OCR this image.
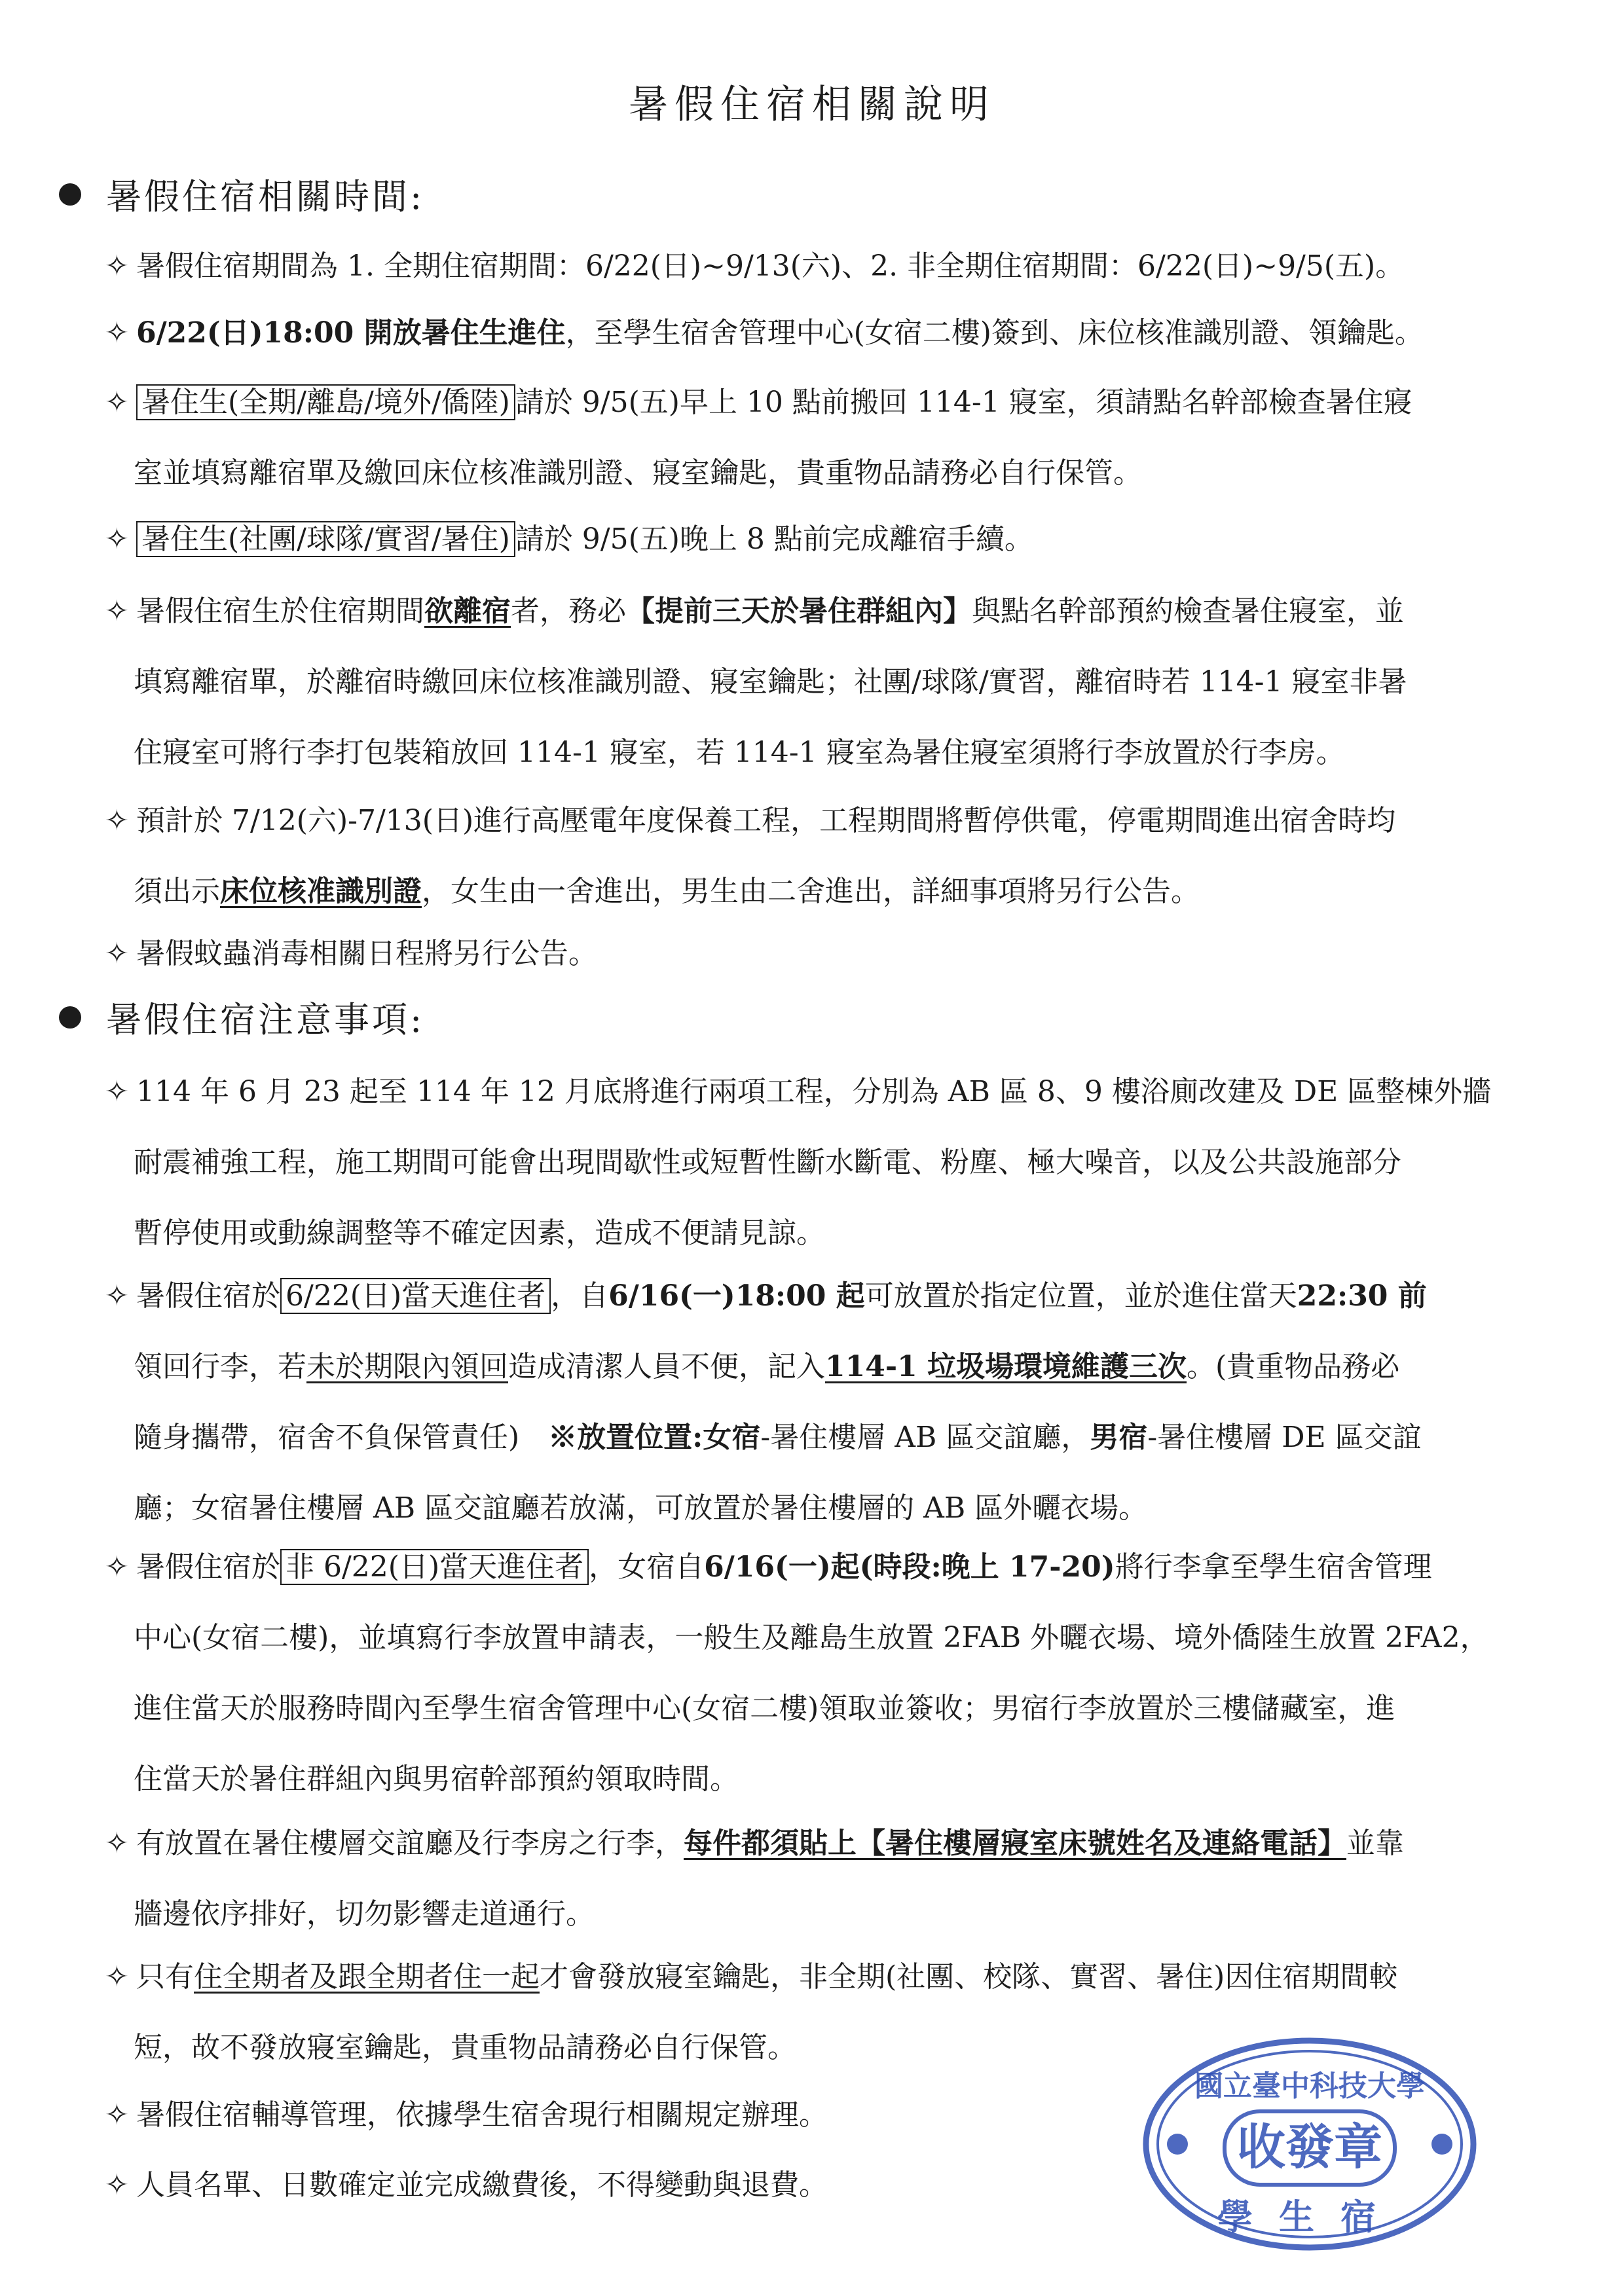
暑假住宿相關說明
暑假住宿相關時間:
✧ 暑假住宿期間為 1. 全期住宿期間：6/22(日)~9/13(六)、2. 非全期住宿期間：6/22(日)~9/5(五)。
✧ 6/22(日)18:00 開放暑住生進住，至學生宿舍管理中心(女宿二樓)簽到、床位核准識別證、領鑰匙。
✧ 暑住生(全期/離島/境外/僑陸) 請於 9/5(五)早上 10 點前搬回 114-1 寢室，須請點名幹部檢查暑住寢
室並填寫離宿單及繳回床位核准識別證、寢室鑰匙，貴重物品請務必自行保管。
✧ 暑住生(社團/球隊/實習/暑住) 請於 9/5(五)晚上 8 點前完成離宿手續。
✧ 暑假住宿生於住宿期間欲離宿者，務必【提前三天於暑住群組內】與點名幹部預約檢查暑住寢室，並
填寫離宿單，於離宿時繳回床位核准識別證、寢室鑰匙；社團/球隊/實習，離宿時若 114-1 寢室非暑
住寢室可將行李打包裝箱放回 114-1 寢室，若 114-1 寢室為暑住寢室須將行李放置於行李房。
✧ 預計於 7/12(六)-7/13(日)進行高壓電年度保養工程，工程期間將暫停供電，停電期間進出宿舍時均
須出示床位核准識別證，女生由一舍進出，男生由二舍進出，詳細事項將另行公告。
✧ 暑假蚊蟲消毒相關日程將另行公告。
暑假住宿注意事項:
✧ 114 年 6 月 23 起至 114 年 12 月底將進行兩項工程，分別為 AB 區 8、9 樓浴廁改建及 DE 區整棟外牆
耐震補強工程，施工期間可能會出現間歇性或短暫性斷水斷電、粉塵、極大噪音，以及公共設施部分
暫停使用或動線調整等不確定因素，造成不便請見諒。
✧ 暑假住宿於 6/22(日)當天進住者 ，自6/16(一)18:00 起可放置於指定位置，並於進住當天22:30 前
領回行李，若未於期限內領回造成清潔人員不便，記入114-1 垃圾場環境維護三次。(貴重物品務必
隨身攜帶，宿舍不負保管責任)　※放置位置:女宿-暑住樓層 AB 區交誼廳，男宿-暑住樓層 DE 區交誼
廳；女宿暑住樓層 AB 區交誼廳若放滿，可放置於暑住樓層的 AB 區外曬衣場。
✧ 暑假住宿於 非 6/22(日)當天進住者 ，女宿自6/16(一)起(時段:晚上 17-20)將行李拿至學生宿舍管理
中心(女宿二樓)，並填寫行李放置申請表，一般生及離島生放置 2FAB 外曬衣場、境外僑陸生放置 2FA2，
進住當天於服務時間內至學生宿舍管理中心(女宿二樓)領取並簽收；男宿行李放置於三樓儲藏室，進
住當天於暑住群組內與男宿幹部預約領取時間。
✧ 有放置在暑住樓層交誼廳及行李房之行李，每件都須貼上【暑住樓層寢室床號姓名及連絡電話】並靠
牆邊依序排好，切勿影響走道通行。
✧ 只有住全期者及跟全期者住一起才會發放寢室鑰匙，非全期(社團、校隊、實習、暑住)因住宿期間較
短，故不發放寢室鑰匙，貴重物品請務必自行保管。
✧ 暑假住宿輔導管理，依據學生宿舍現行相關規定辦理。
✧ 人員名單、日數確定並完成繳費後，不得變動與退費。
國立臺中科技大學
收發章
學生宿
